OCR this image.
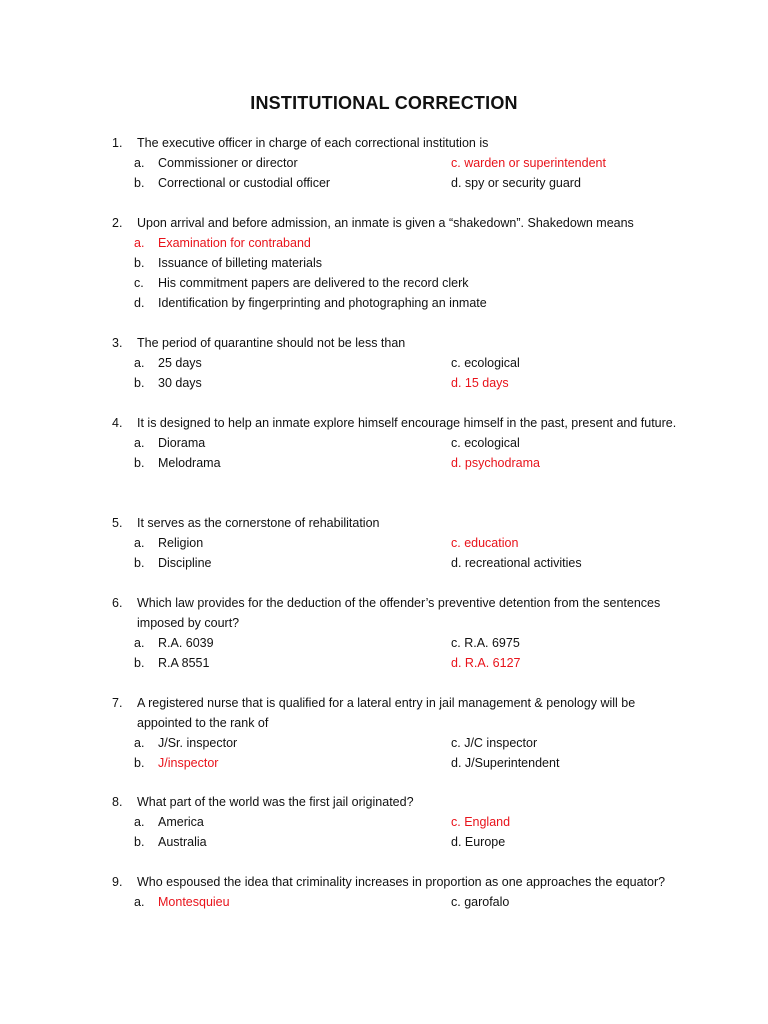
INSTITUTIONAL CORRECTION
1. The executive officer in charge of each correctional institution is
a. Commissioner or director	c. warden or superintendent
b. Correctional or custodial officer	d. spy or security guard
2. Upon arrival and before admission, an inmate is given a “shakedown”. Shakedown means
a. Examination for contraband
b. Issuance of billeting materials
c. His commitment papers are delivered to the record clerk
d. Identification by fingerprinting and photographing an inmate
3. The period of quarantine should not be less than
a. 25 days	c. ecological
b. 30 days	d. 15 days
4. It is designed to help an inmate explore himself encourage himself in the past, present and future.
a. Diorama	c. ecological
b. Melodrama	d. psychodrama
5. It serves as the cornerstone of rehabilitation
a. Religion	c. education
b. Discipline	d. recreational activities
6. Which law provides for the deduction of the offender’s preventive detention from the sentences imposed by court?
a. R.A. 6039	c. R.A. 6975
b. R.A 8551	d. R.A. 6127
7. A registered nurse that is qualified for a lateral entry in jail management & penology will be appointed to the rank of
a. J/Sr. inspector	c. J/C inspector
b. J/inspector	d. J/Superintendent
8. What part of the world was the first jail originated?
a. America	c. England
b. Australia	d. Europe
9. Who espoused the idea that criminality increases in proportion as one approaches the equator?
a. Montesquieu	c. garofalo
